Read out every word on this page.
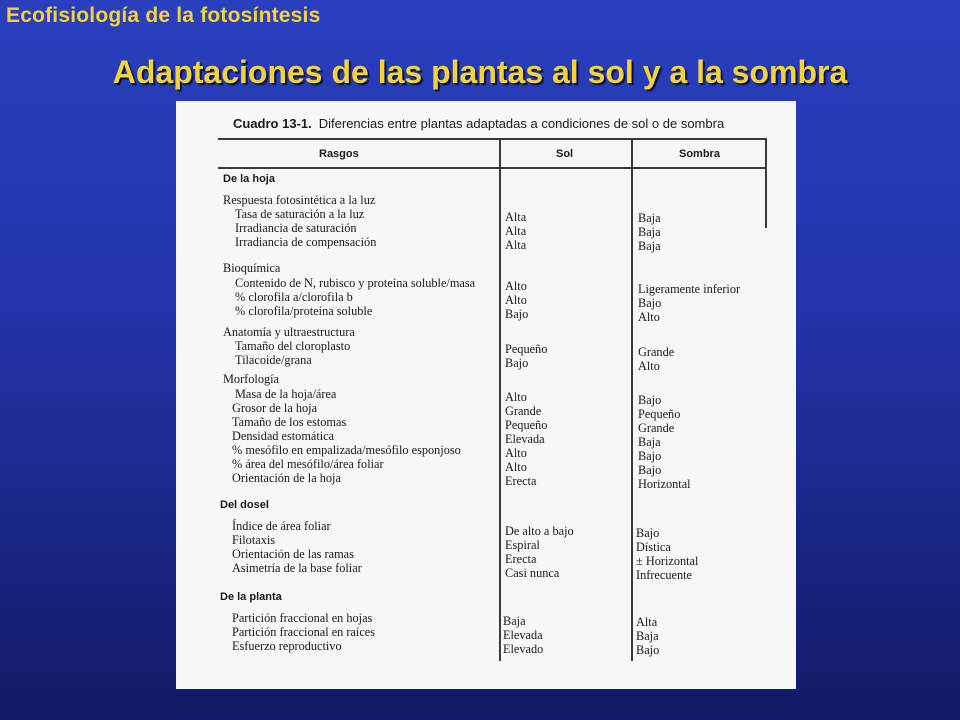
Ecofisiología de la fotosíntesis
Adaptaciones de las plantas al sol y a la sombra
Cuadro 13-1. Diferencias entre plantas adaptadas a condiciones de sol o de sombra
Rasgos	Sol	Sombra
De la hoja
Respuesta fotosintética a la luz
Bioquímica
Anatomía y ultraestructura
Morfología
Del dosel
De la planta
Tasa de saturación a la luz	Alta	Baja
Irradiancia de saturación	Alta	Baja
Irradiancia de compensación	Alta	Baja
Contenido de N, rubisco y proteína soluble/masa Alto	Ligeramente inferior
% clorofila a/clorofila b	Alto	Bajo
% clorofila/proteína soluble	Bajo	Alto
Tamaño del cloroplasto	Pequeño	Grande
Tilacoide/grana	Bajo	Alto
Masa de la hoja/área	Alto	Bajo
Grosor de la hoja	Grande	Pequeño
Tamaño de los estomas	Pequeño	Grande
Densidad estomática	Elevada	Baja
% mesófilo en empalizada/mesófilo esponjoso	Alto	Bajo
% área del mesófilo/área foliar	Alto	Bajo
Orientación de la hoja	Erecta	Horizontal
Índice de área foliar	De alto a bajo	Bajo
Filotaxis	Espiral	Dística
Orientación de las ramas	Erecta	± Horizontal
Asimetría de la base foliar	Casi nunca	Infrecuente
Partición fraccional en hojas	Baja	Alta
Partición fraccional en raíces	Elevada	Baja
Esfuerzo reproductivo	Elevado	Bajo
